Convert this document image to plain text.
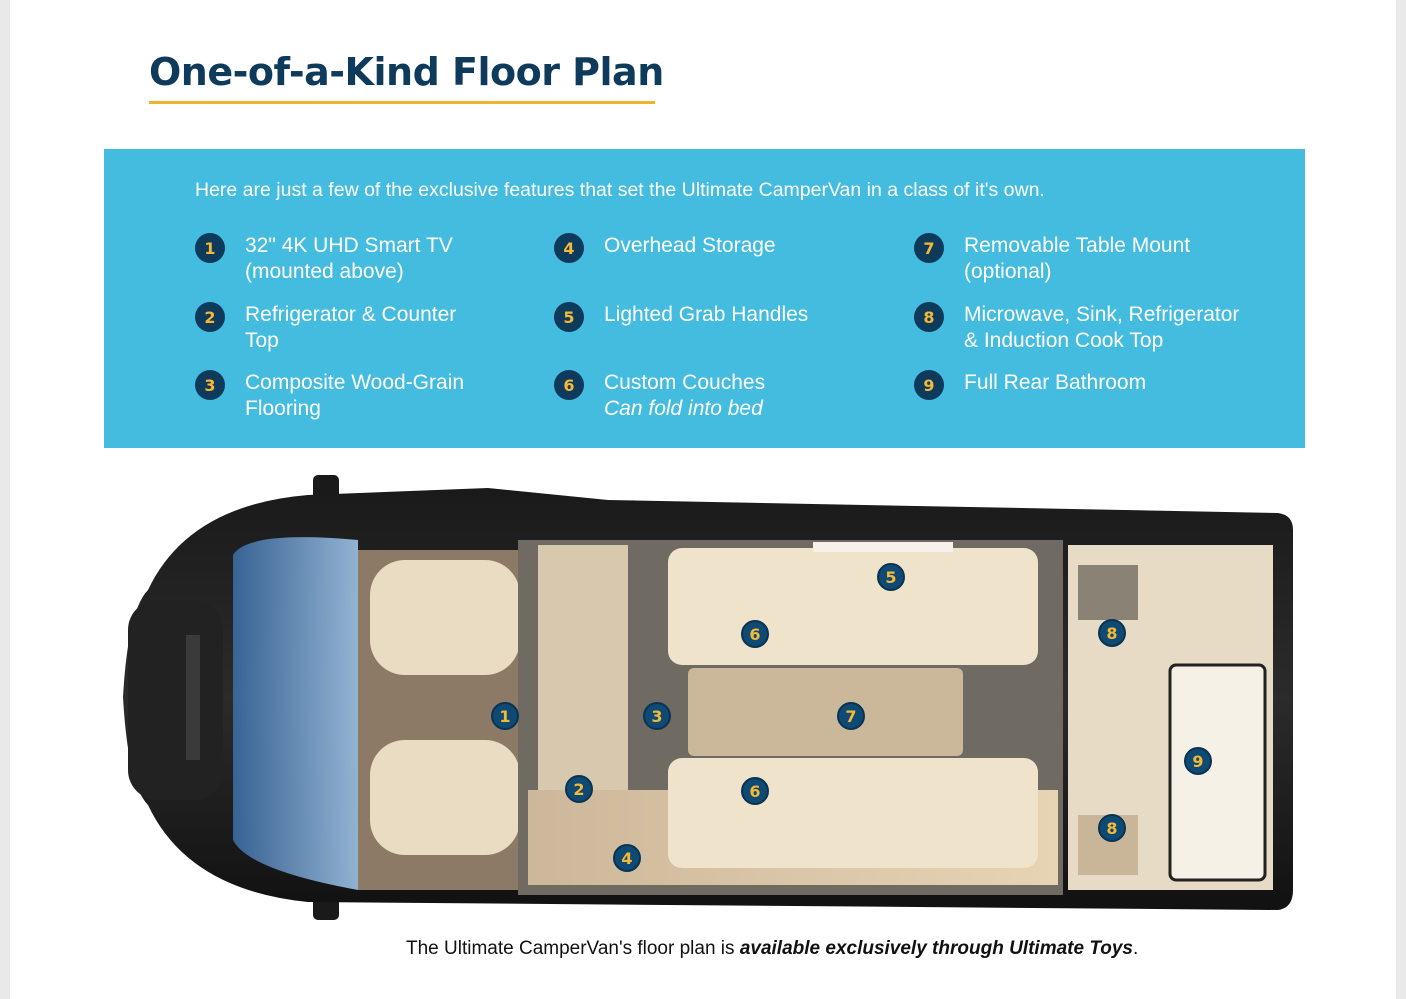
One-of-a-Kind Floor Plan
Here are just a few of the exclusive features that set the Ultimate CamperVan in a class of it's own.
1	32" 4K UHD Smart TV
(mounted above)
2	Refrigerator & Counter
Top
3	Composite Wood-Grain
Flooring
4	Overhead Storage
5	Lighted Grab Handles
6	Custom Couches
Can fold into bed
7	Removable Table Mount
(optional)
8	Microwave, Sink, Refrigerator
& Induction Cook Top
9	Full Rear Bathroom
1
2
3
4
5
6
6
7
8
8
9
The Ultimate CamperVan's floor plan is available exclusively through Ultimate Toys.
